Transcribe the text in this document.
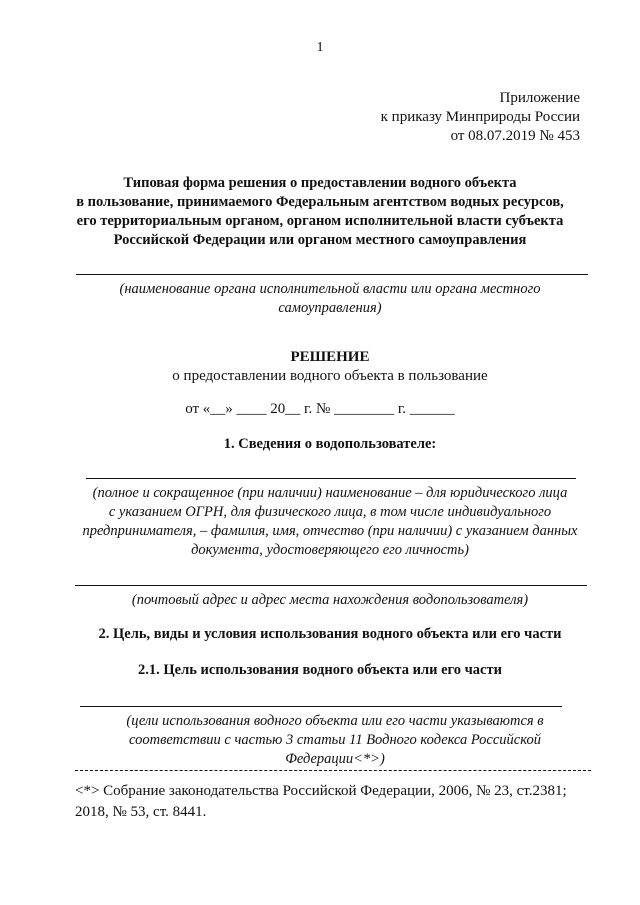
1
Приложение
к приказу Минприроды России
от 08.07.2019 № 453
Типовая форма решения о предоставлении водного объекта
в пользование, принимаемого Федеральным агентством водных ресурсов,
его территориальным органом, органом исполнительной власти субъекта
Российской Федерации или органом местного самоуправления
(наименование органа исполнительной власти или органа местного
самоуправления)
РЕШЕНИЕ
о предоставлении водного объекта в пользование
от «__» ____ 20__ г. № ________ г. ______
1. Сведения о водопользователе:
(полное и сокращенное (при наличии) наименование – для юридического лица
с указанием ОГРН, для физического лица, в том числе индивидуального
предпринимателя, – фамилия, имя, отчество (при наличии) с указанием данных
документа, удостоверяющего его личность)
(почтовый адрес и адрес места нахождения водопользователя)
2. Цель, виды и условия использования водного объекта или его части
2.1. Цель использования водного объекта или его части
(цели использования водного объекта или его части указываются в
соответствии с частью 3 статьи 11 Водного кодекса Российской
Федерации<*>)
<*> Собрание законодательства Российской Федерации, 2006, № 23, ст.2381;
2018, № 53, ст. 8441.
